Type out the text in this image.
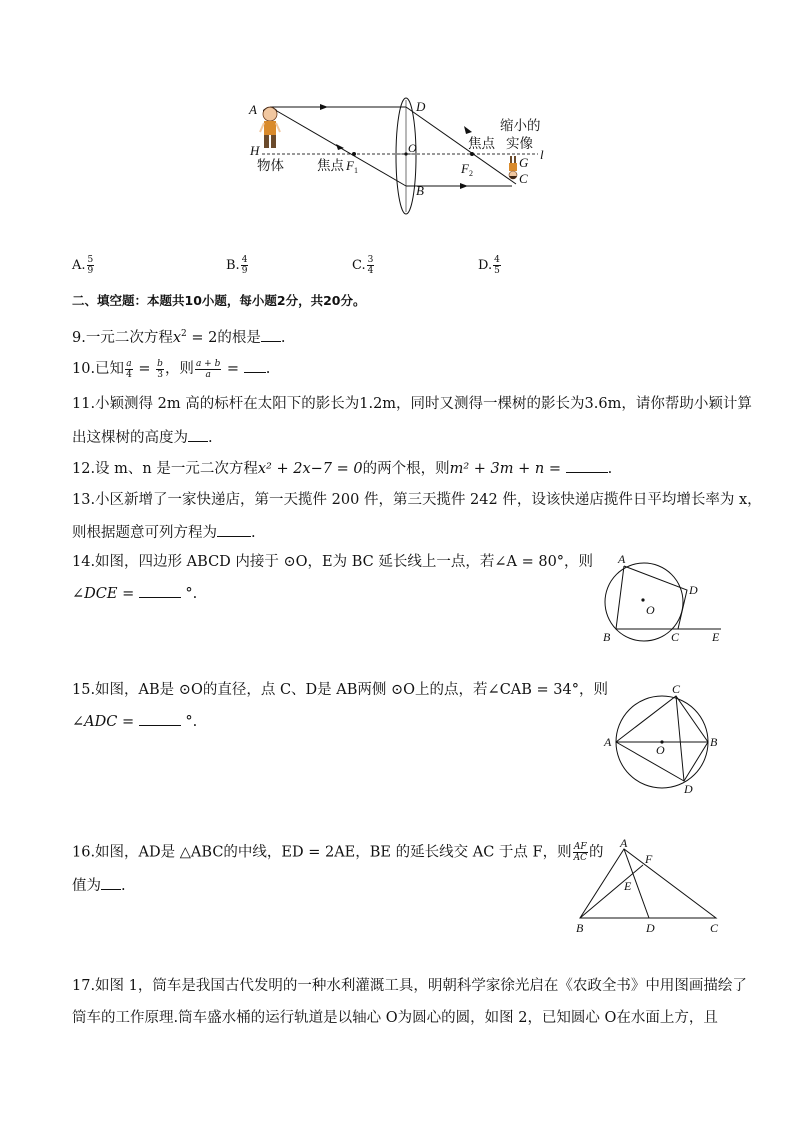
A	D
H	O	l
物体 焦点 F 1
焦点
F 2
缩小的
实像
G
C
B
A. $\frac{5}{9}$	B. $\frac{4}{9}$	C. $\frac{3}{4}$	D. $\frac{4}{5}$
二、填空题：本题共10小题，每小题2分，共20分。
9.一元二次方程$x^2 = 2$的根是 .
10.已知 $\frac{a}{4} = \frac{b}{3}$ ，则 $\frac{a + b}{a}$ = .
11.小颖测得 2m 高的标杆在太阳下的影长为1.2m，同时又测得一棵树的影长为3.6m，请你帮助小颖计算
出这棵树的高度为 .
12.设 m、n 是一元二次方程x² + 2x−7 = 0的两个根，则m² + 3m + n =	.
13.小区新增了一家快递店，第一天揽件 200 件，第三天揽件 242 件，设该快递店揽件日平均增长率为 x，
则根据题意可列方程为 .
14.如图，四边形 ABCD 内接于 ⊙O，E为 BC 延长线上一点，若∠A = 80°，则
∠DCE =	°.
A
D
O
B	C	E
15.如图，AB是 ⊙O的直径，点 C、D是 AB两侧 ⊙O上的点，若∠CAB = 34°，则
∠ADC =	°.
C
A	B
O
D
16.如图，AD是 △ABC的中线，ED = 2AE，BE 的延长线交 AC 于点 F，则 $\frac{AF}{AC}$ 的
值为 .
A
F
E
B	D	C
17.如图 1，筒车是我国古代发明的一种水利灌溉工具，明朝科学家徐光启在《农政全书》中用图画描绘了
筒车的工作原理.筒车盛水桶的运行轨道是以轴心 O为圆心的圆，如图 2，已知圆心 O在水面上方，且
